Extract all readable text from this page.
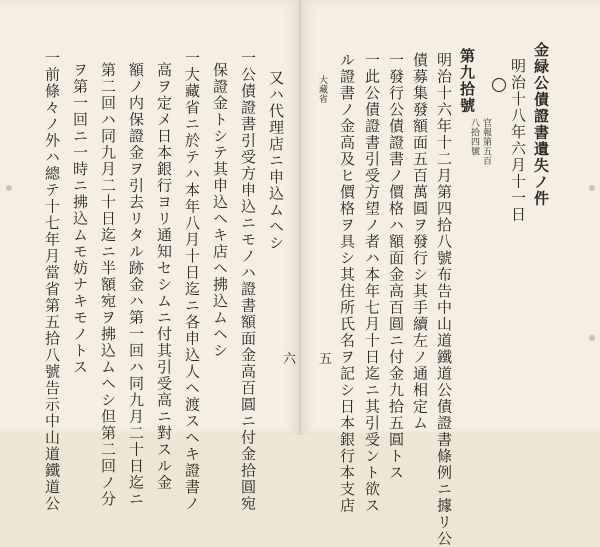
又ハ代理店ニ申込ムヘシ
一公債證書引受方申込ニモノハ證書額面金高百圓ニ付金拾圓宛
保證金トシテ其申込ヘキ店ヘ拂込ムヘシ
一大藏省ニ於テハ本年八月十日迄ニ各申込人ヘ渡スヘキ證書ノ
高ヲ定メ日本銀行ヨリ通知セシムニ付其引受高ニ對スル金
額ノ内保證金ヲ引去リタル跡金ハ第一回ハ同九月二十日迄ニ
第二回ハ同九月二十日迄ニ半額宛ヲ拂込ムヘシ但第二回ノ分
ヲ第一回ニ一時ニ拂込ムモ妨ナキモノトス
一前條々ノ外ハ總テ十七年月當省第五拾八號告示中山道鐵道公	六
金緑公債證書遺失ノ件
明治十八年六月十一日
第九拾號
官報第五百
八拾四號
明治十六年十二月第四拾八號布告中山道鐵道公債證書條例ニ據リ公
債募集發額面五百萬圓ヲ發行シ其手續左ノ通相定ム
一發行公債證書ノ價格ハ額面金高百圓ニ付金九拾五圓トス
一此公債證書引受方望ノ者ハ本年七月十日迄ニ其引受ント欲ス
ル證書ノ金高及ヒ價格ヲ具シ其住所氏名ヲ記シ日本銀行本支店
大藏省
五
